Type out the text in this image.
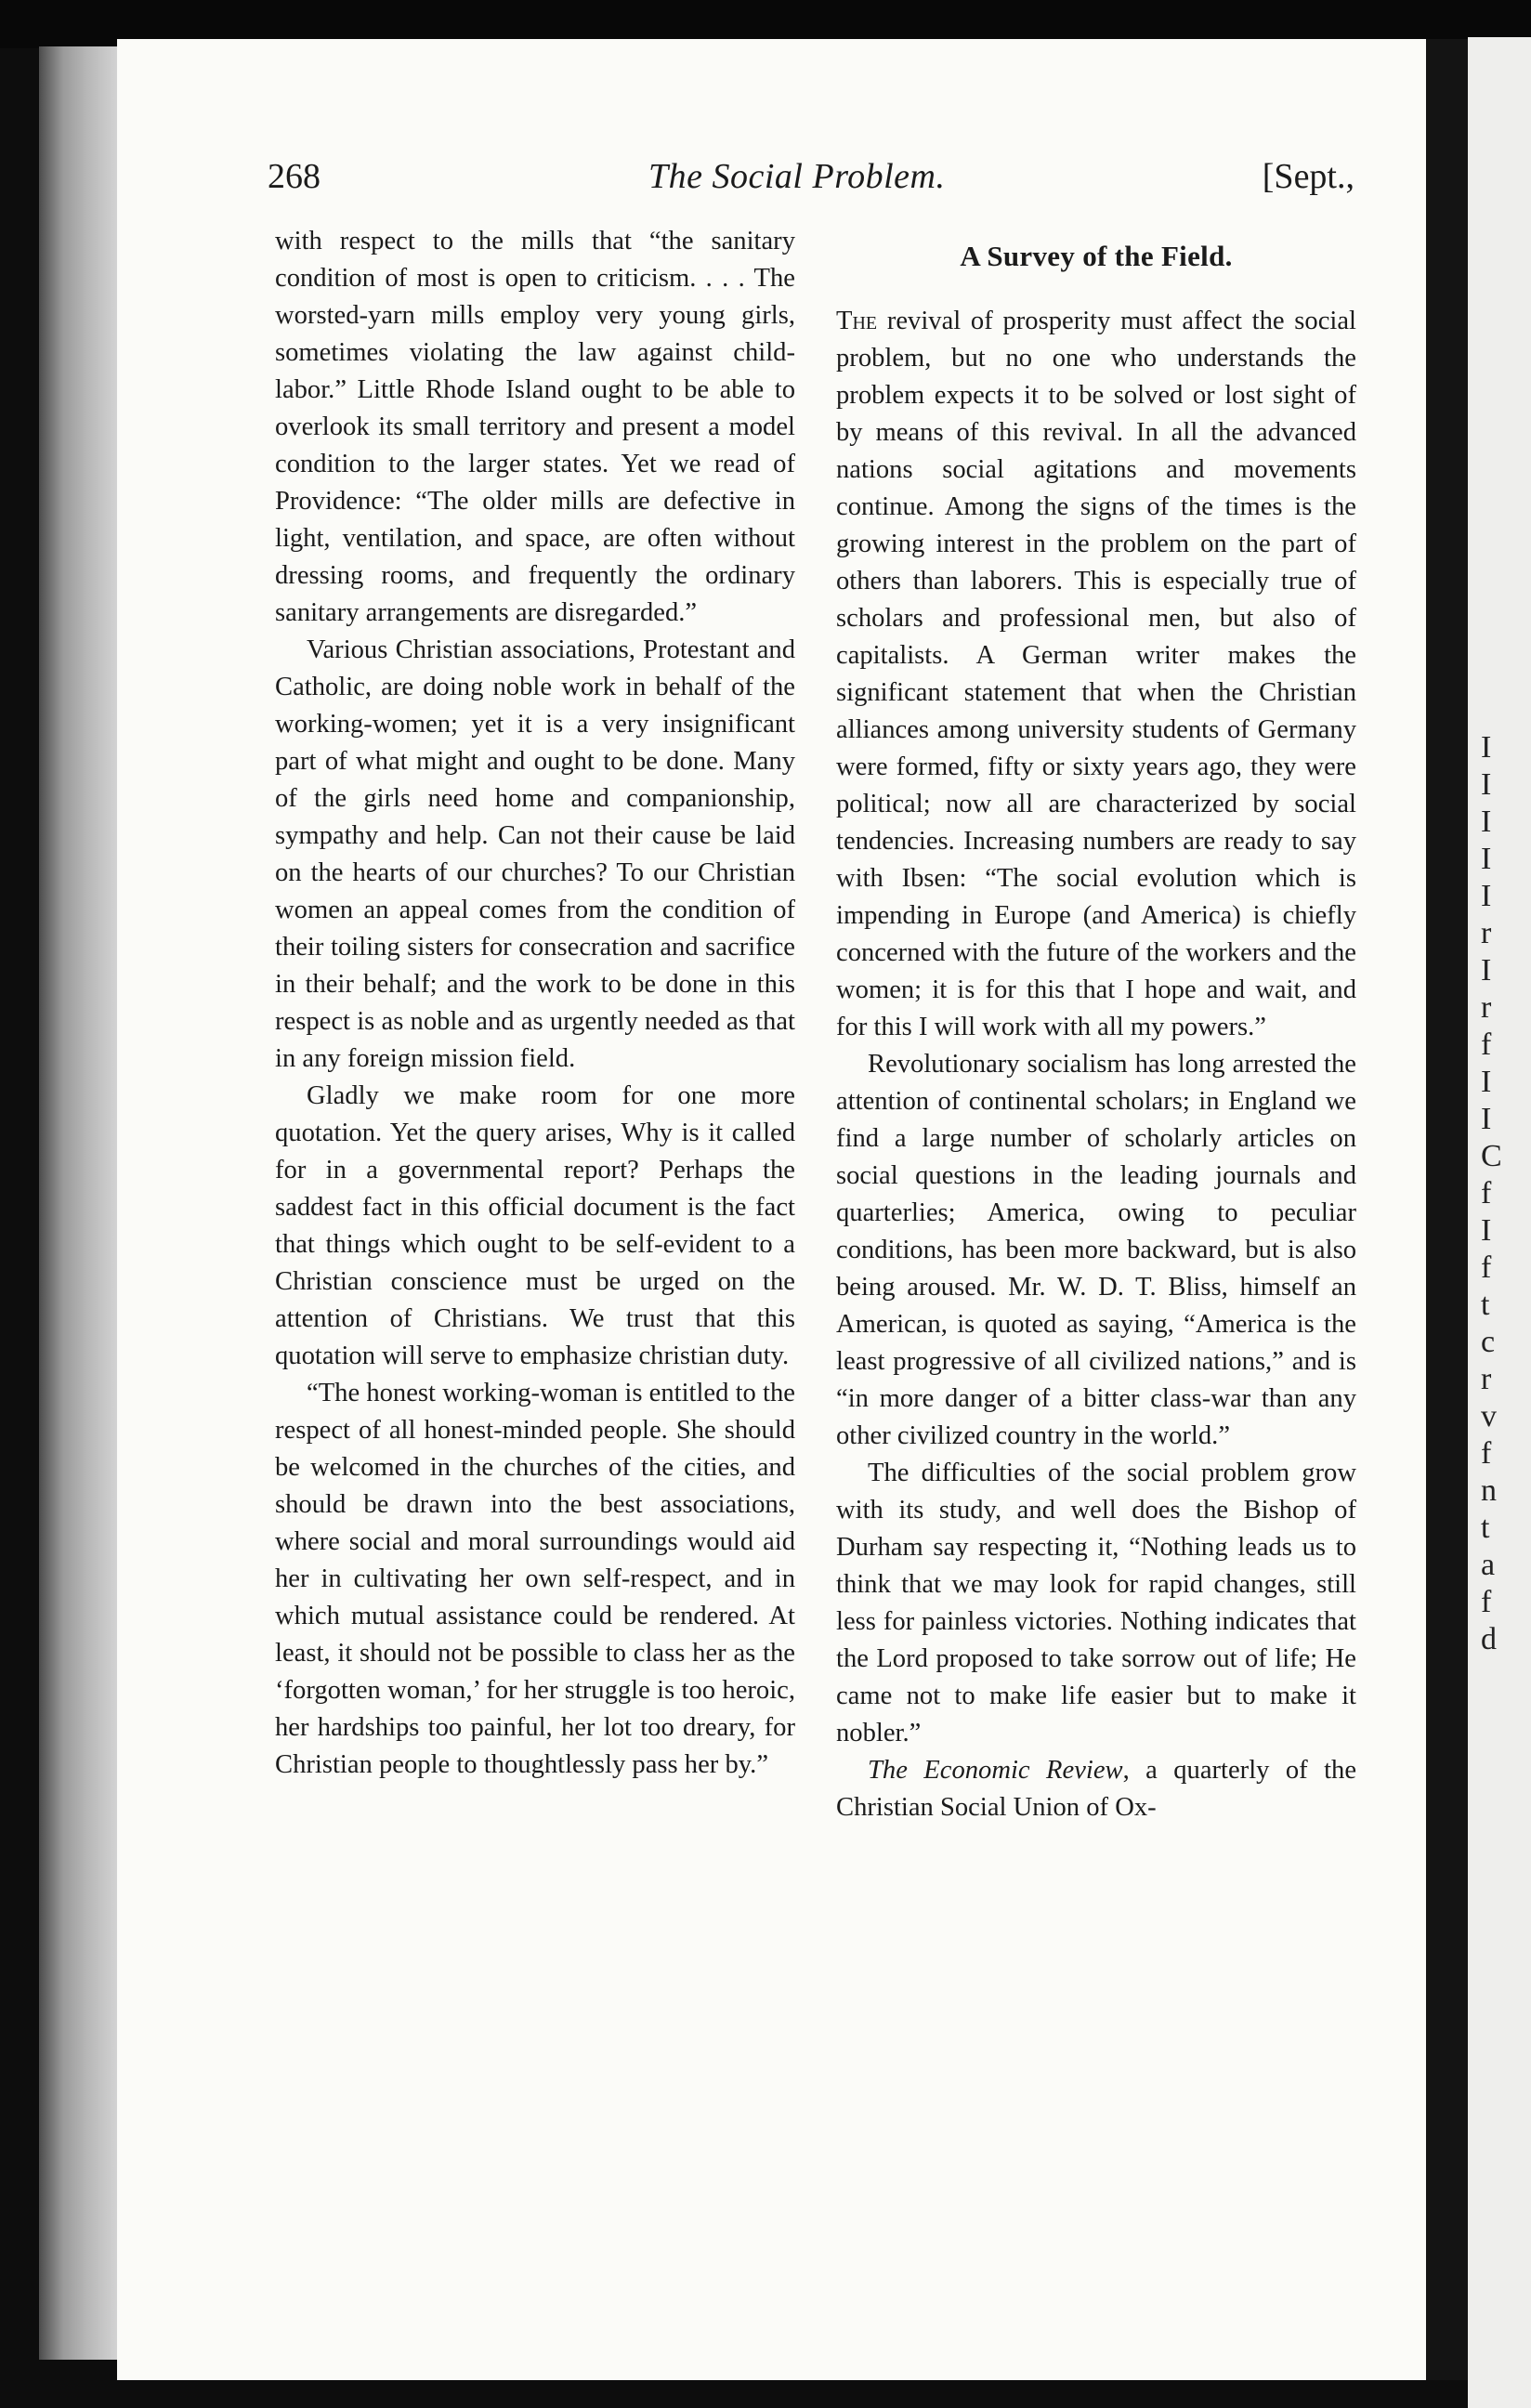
I
I
I
I
I
r
I
r
f
I
I
C
f
I
f
t
c
r
v
f
n
t
a
f
d
268	The Social Problem.	[Sept.,

with respect to the mills that “the sanitary condition of most is open to criticism. . . . The worsted-yarn mills employ very young girls, sometimes violating the law against child-labor.” Little Rhode Island ought to be able to overlook its small territory and present a model condition to the larger states. Yet we read of Providence: “The older mills are defective in light, ventilation, and space, are often without dressing rooms, and frequently the ordinary sanitary arrangements are disregarded.”

Various Christian associations, Protestant and Catholic, are doing noble work in behalf of the working-women; yet it is a very insignificant part of what might and ought to be done. Many of the girls need home and companionship, sympathy and help. Can not their cause be laid on the hearts of our churches? To our Christian women an appeal comes from the condition of their toiling sisters for consecration and sacrifice in their behalf; and the work to be done in this respect is as noble and as urgently needed as that in any foreign mission field.

Gladly we make room for one more quotation. Yet the query arises, Why is it called for in a governmental report? Perhaps the saddest fact in this official document is the fact that things which ought to be self-evident to a Christian conscience must be urged on the attention of Christians. We trust that this quotation will serve to emphasize christian duty.

“The honest working-woman is entitled to the respect of all honest-minded people. She should be welcomed in the churches of the cities, and should be drawn into the best associations, where social and moral surroundings would aid her in cultivating her own self-respect, and in which mutual assistance could be rendered. At least, it should not be possible to class her as the ‘forgotten woman,’ for her struggle is too heroic, her hardships too painful, her lot too dreary, for Christian people to thoughtlessly pass her by.”

A Survey of the Field.

The revival of prosperity must affect the social problem, but no one who understands the problem expects it to be solved or lost sight of by means of this revival. In all the advanced nations social agitations and movements continue. Among the signs of the times is the growing interest in the problem on the part of others than laborers. This is especially true of scholars and professional men, but also of capitalists. A German writer makes the significant statement that when the Christian alliances among university students of Germany were formed, fifty or sixty years ago, they were political; now all are characterized by social tendencies. Increasing numbers are ready to say with Ibsen: “The social evolution which is impending in Europe (and America) is chiefly concerned with the future of the workers and the women; it is for this that I hope and wait, and for this I will work with all my powers.”

Revolutionary socialism has long arrested the attention of continental scholars; in England we find a large number of scholarly articles on social questions in the leading journals and quarterlies; America, owing to peculiar conditions, has been more backward, but is also being aroused. Mr. W. D. T. Bliss, himself an American, is quoted as saying, “America is the least progressive of all civilized nations,” and is “in more danger of a bitter class-war than any other civilized country in the world.”

The difficulties of the social problem grow with its study, and well does the Bishop of Durham say respecting it, “Nothing leads us to think that we may look for rapid changes, still less for painless victories. Nothing indicates that the Lord proposed to take sorrow out of life; He came not to make life easier but to make it nobler.”

The Economic Review, a quarterly of the Christian Social Union of Ox-
